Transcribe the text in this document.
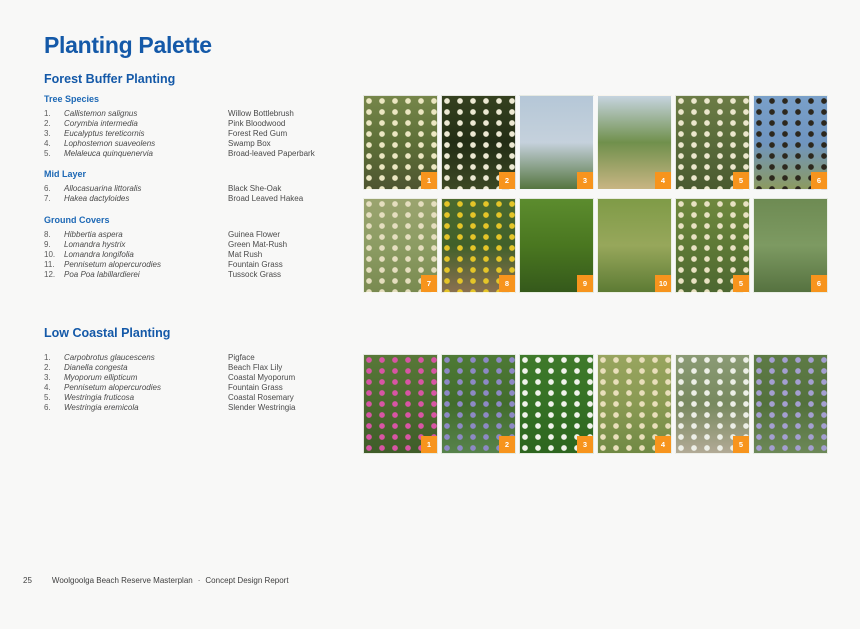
Planting Palette
Forest Buffer Planting
Tree Species
1.	Callistemon salignus	Willow Bottlebrush
2.	Corymbia intermedia	Pink Bloodwood
3.	Eucalyptus tereticornis	Forest Red Gum
4.	Lophostemon suaveolens	Swamp Box
5.	Melaleuca quinquenervia	Broad-leaved Paperbark
Mid Layer
6.	Allocasuarina littoralis	Black She-Oak
7.	Hakea dactyloides	Broad Leaved Hakea
Ground Covers
8.	Hibbertia aspera	Guinea Flower
9.	Lomandra hystrix	Green Mat-Rush
10.	Lomandra longifolia	Mat Rush
11.	Pennisetum alopercurodies	Fountain Grass
12.	Poa Poa labillardierei	Tussock Grass
1	2	3	4	5	6
7	8	9	10	5	6
Low Coastal Planting
1.	Carpobrotus glaucescens	Pigface
2.	Dianella congesta	Beach Flax Lily
3.	Myoporum ellipticum	Coastal Myoporum
4.	Pennisetum alopercurodies	Fountain Grass
5.	Westringia fruticosa	Coastal Rosemary
6.	Westringia eremicola	Slender Westringia
1	2	3	4	5
25	Woolgoolga Beach Reserve Masterplan · Concept Design Report
